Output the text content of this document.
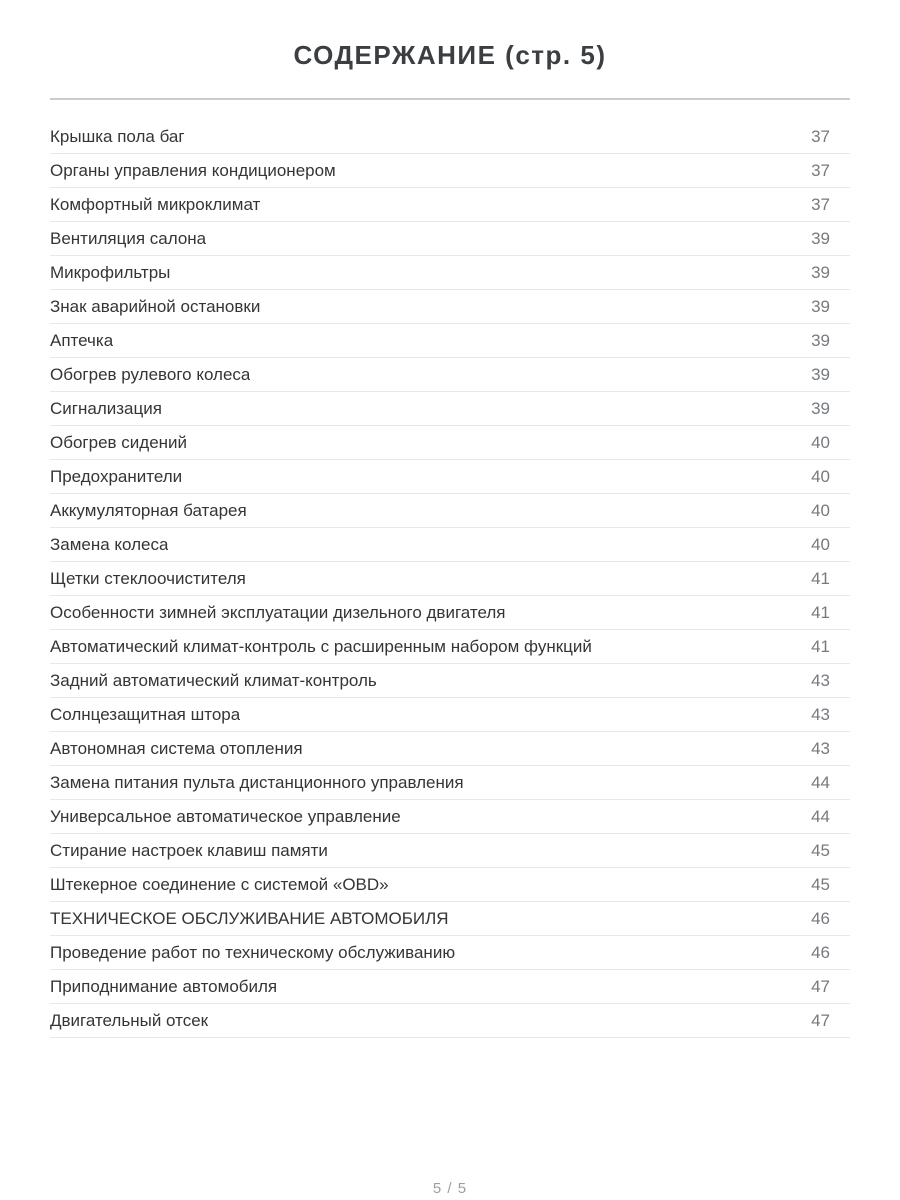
СОДЕРЖАНИЕ (стр. 5)
Крышка пола баг	37
Органы управления кондиционером	37
Комфортный микроклимат	37
Вентиляция салона	39
Микрофильтры	39
Знак аварийной остановки	39
Аптечка	39
Обогрев рулевого колеса	39
Сигнализация	39
Обогрев сидений	40
Предохранители	40
Аккумуляторная батарея	40
Замена колеса	40
Щетки стеклоочистителя	41
Особенности зимней эксплуатации дизельного двигателя	41
Автоматический климат-контроль с расширенным набором функций	41
Задний автоматический климат-контроль	43
Солнцезащитная штора	43
Автономная система отопления	43
Замена питания пульта дистанционного управления	44
Универсальное автоматическое управление	44
Стирание настроек клавиш памяти	45
Штекерное соединение с системой «OBD»	45
ТЕХНИЧЕСКОЕ ОБСЛУЖИВАНИЕ АВТОМОБИЛЯ	46
Проведение работ по техническому обслуживанию	46
Приподнимание автомобиля	47
Двигательный отсек	47
5 / 5
